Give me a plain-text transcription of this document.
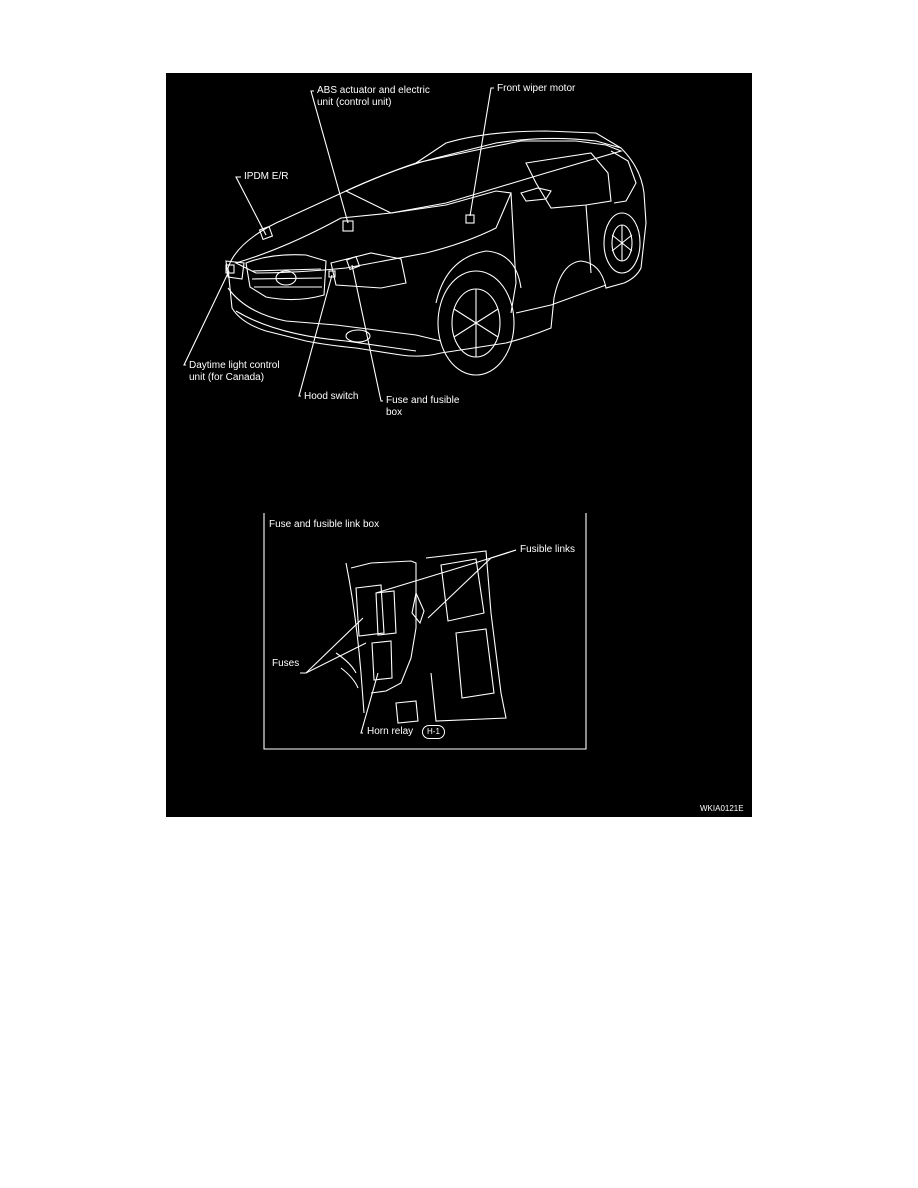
ABS actuator and electric
unit (control unit)
Front wiper motor
IPDM E/R
Daytime light control
unit (for Canada)
Hood switch	Fuse and fusible
box
Fuse and fusible link box
Fusible links
Fuses
Horn relay	H-1
WKIA0121E
